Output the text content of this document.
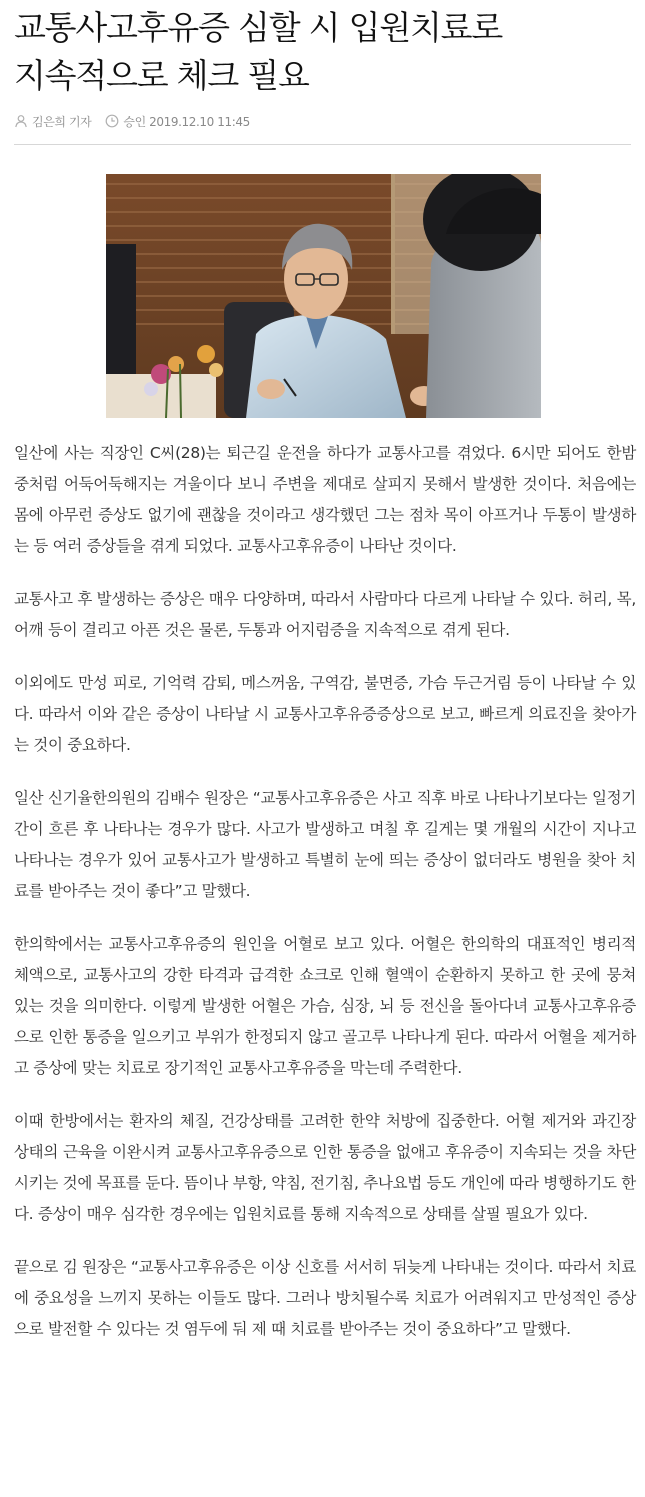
교통사고후유증 심할 시 입원치료로 지속적으로 체크 필요
김은희 기자	승인 2019.12.10 11:45

일산에 사는 직장인 C씨(28)는 퇴근길 운전을 하다가 교통사고를 겪었다. 6시만 되어도 한밤 중처럼 어둑어둑해지는 겨울이다 보니 주변을 제대로 살피지 못해서 발생한 것이다. 처음에는 몸에 아무런 증상도 없기에 괜찮을 것이라고 생각했던 그는 점차 목이 아프거나 두통이 발생하는 등 여러 증상들을 겪게 되었다. 교통사고후유증이 나타난 것이다.

교통사고 후 발생하는 증상은 매우 다양하며, 따라서 사람마다 다르게 나타날 수 있다. 허리, 목, 어깨 등이 결리고 아픈 것은 물론, 두통과 어지럼증을 지속적으로 겪게 된다.

이외에도 만성 피로, 기억력 감퇴, 메스꺼움, 구역감, 불면증, 가슴 두근거림 등이 나타날 수 있다. 따라서 이와 같은 증상이 나타날 시 교통사고후유증증상으로 보고, 빠르게 의료진을 찾아가는 것이 중요하다.

일산 신기율한의원의 김배수 원장은 “교통사고후유증은 사고 직후 바로 나타나기보다는 일정기간이 흐른 후 나타나는 경우가 많다. 사고가 발생하고 며칠 후 길게는 몇 개월의 시간이 지나고 나타나는 경우가 있어 교통사고가 발생하고 특별히 눈에 띄는 증상이 없더라도 병원을 찾아 치료를 받아주는 것이 좋다”고 말했다.

한의학에서는 교통사고후유증의 원인을 어혈로 보고 있다. 어혈은 한의학의 대표적인 병리적 체액으로, 교통사고의 강한 타격과 급격한 쇼크로 인해 혈액이 순환하지 못하고 한 곳에 뭉쳐 있는 것을 의미한다. 이렇게 발생한 어혈은 가슴, 심장, 뇌 등 전신을 돌아다녀 교통사고후유증으로 인한 통증을 일으키고 부위가 한정되지 않고 골고루 나타나게 된다. 따라서 어혈을 제거하고 증상에 맞는 치료로 장기적인 교통사고후유증을 막는데 주력한다.

이때 한방에서는 환자의 체질, 건강상태를 고려한 한약 처방에 집중한다. 어혈 제거와 과긴장 상태의 근육을 이완시켜 교통사고후유증으로 인한 통증을 없애고 후유증이 지속되는 것을 차단시키는 것에 목표를 둔다. 뜸이나 부항, 약침, 전기침, 추나요법 등도 개인에 따라 병행하기도 한다. 증상이 매우 심각한 경우에는 입원치료를 통해 지속적으로 상태를 살필 필요가 있다.

끝으로 김 원장은 “교통사고후유증은 이상 신호를 서서히 뒤늦게 나타내는 것이다. 따라서 치료에 중요성을 느끼지 못하는 이들도 많다. 그러나 방치될수록 치료가 어려워지고 만성적인 증상으로 발전할 수 있다는 것 염두에 둬 제 때 치료를 받아주는 것이 중요하다”고 말했다.
